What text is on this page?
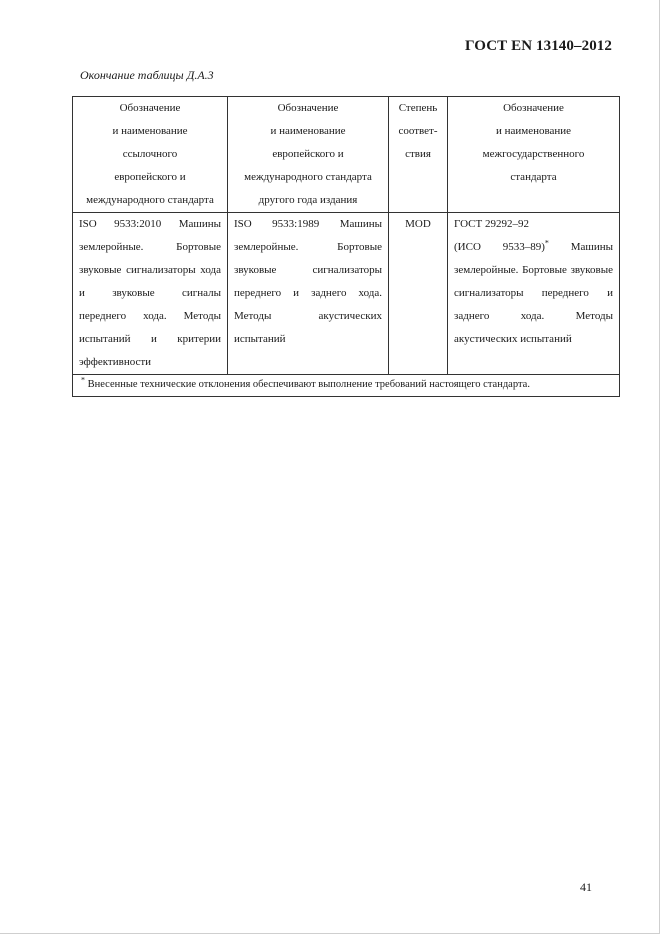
ГОСТ EN 13140–2012
Окончание таблицы Д.А.3
Обозначение
и наименование
ссылочного
европейского и
международного стандарта	Обозначение
и наименование
европейского и
международного стандарта
другого года издания	Степень
соответ-
ствия	Обозначение
и наименование
межгосударственного
стандарта

ISO 9533:2010 Машины землеройные. Бортовые звуковые сигнализаторы хода и звуковые сигналы переднего хода. Методы испытаний и критерии эффективности	ISO 9533:1989 Машины землеройные. Бортовые звуковые сигнализаторы переднего и заднего хода. Методы акустических испытаний	MOD	ГОСТ 29292–92
(ИСО 9533–89)* Машины землеройные. Бортовые звуковые сигнализаторы переднего и заднего хода. Методы акустических испытаний
* Внесенные технические отклонения обеспечивают выполнение требований настоящего стандарта.			
41
